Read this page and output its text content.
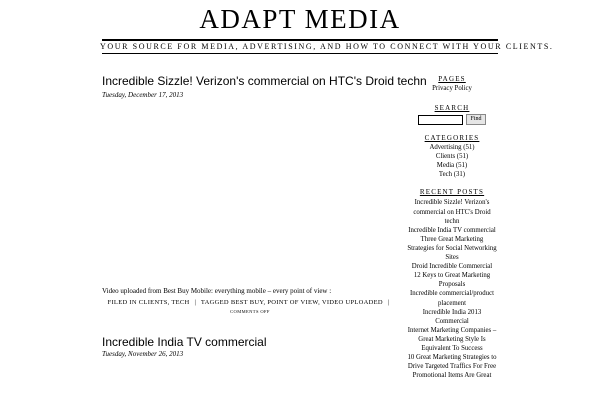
ADAPT MEDIA
YOUR SOURCE FOR MEDIA, ADVERTISING, AND HOW TO CONNECT WITH YOUR CLIENTS.
Incredible Sizzle! Verizon's commercial on HTC's Droid techn
Tuesday, December 17, 2013
Video uploaded from Best Buy Mobile: everything mobile – every point of view :
FILED IN CLIENTS, TECH | TAGGED BEST BUY, POINT OF VIEW, VIDEO UPLOADED |
COMMENTS OFF
Incredible India TV commercial
Tuesday, November 26, 2013
PAGES
Privacy Policy
SEARCH
Find
CATEGORIES
Advertising (51)
Clients (51)
Media (51)
Tech (31)
RECENT POSTS
Incredible Sizzle! Verizon's commercial on HTC's Droid techn
Incredible India TV commercial
Three Great Marketing Strategies for Social Networking Sites
Droid Incredible Commercial
12 Keys to Great Marketing Proposals
Incredible commercial/product placement
Incredible India 2013 Commercial
Internet Marketing Companies – Great Marketing Style Is Equivalent To Success
10 Great Marketing Strategies to Drive Targeted Traffics For Free
Promotional Items Are Great
